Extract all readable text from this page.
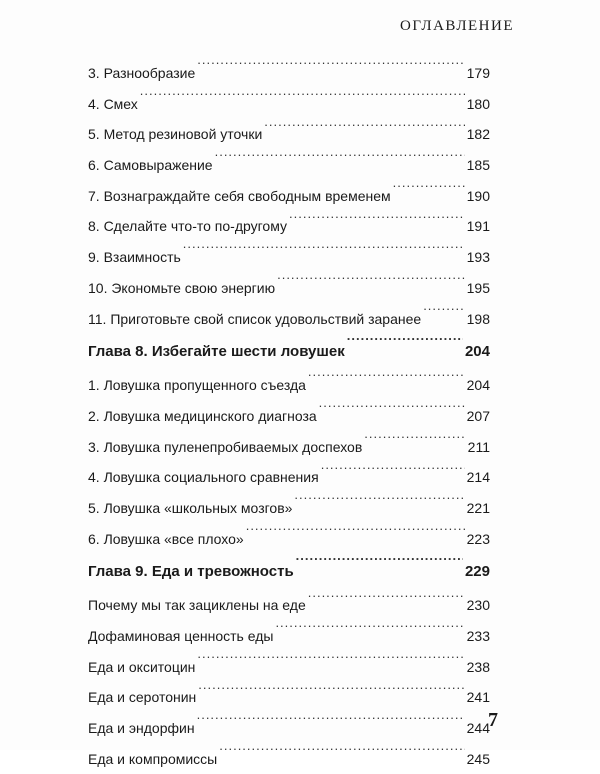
ОГЛАВЛЕНИЕ
3. Разнообразие .....	179
4. Смех .....	180
5. Метод резиновой уточки .....	182
6. Самовыражение .....	185
7. Вознаграждайте себя свободным временем .....	190
8. Сделайте что-то по-другому .....	191
9. Взаимность .....	193
10. Экономьте свою энергию .....	195
11. Приготовьте свой список удовольствий заранее .....	198
Глава 8. Избегайте шести ловушек .....	204
1. Ловушка пропущенного съезда .....	204
2. Ловушка медицинского диагноза .....	207
3. Ловушка пуленепробиваемых доспехов .....	211
4. Ловушка социального сравнения .....	214
5. Ловушка «школьных мозгов» .....	221
6. Ловушка «все плохо» .....	223
Глава 9. Еда и тревожность .....	229
Почему мы так зациклены на еде .....	230
Дофаминовая ценность еды .....	233
Еда и окситоцин .....	238
Еда и серотонин .....	241
Еда и эндорфин .....	244
Еда и компромиссы .....	245
7
